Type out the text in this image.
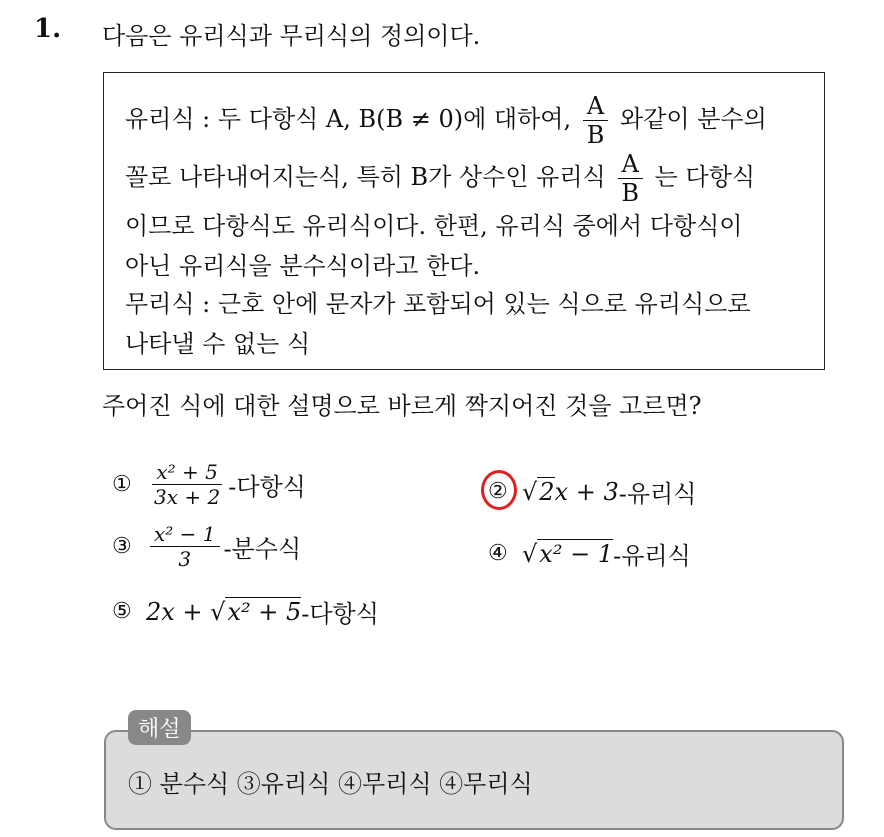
1. 다음은 유리식과 무리식의 정의이다.
유리식 : 두 다항식 A, B(B ≠ 0)에 대하여, $\frac{A}{B}$ 와같이 분수의
꼴로 나타내어지는식, 특히 B가 상수인 유리식 $\frac{A}{B}$ 는 다항식
이므로 다항식도 유리식이다. 한편, 유리식 중에서 다항식이
아닌 유리식을 분수식이라고 한다.
무리식 : 근호 안에 문자가 포함되어 있는 식으로 유리식으로
나타낼 수 없는 식
주어진 식에 대한 설명으로 바르게 짝지어진 것을 고르면?
① $\frac{\text{x² + 5}}{3x + 2}$ -다항식	② √ 2 x + 3 -유리식
③ $\frac{\text{x² − 1}}{3}$ -분수식	④ √ x² − 1 -유리식
⑤ 2x + √ x² + 5 -다항식
해설
① 분수식 ③유리식 ④무리식 ④무리식
